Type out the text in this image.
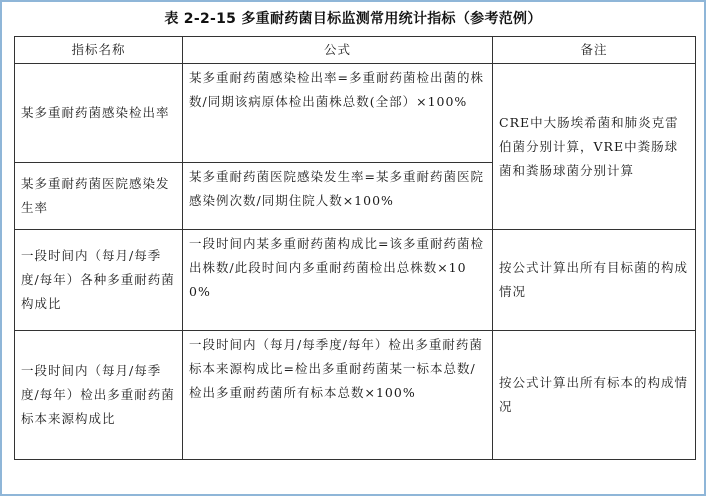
表 2-2-15 多重耐药菌目标监测常用统计指标（参考范例）
指标名称	公式	备注
某多重耐药菌感染检出率	某多重耐药菌感染检出率=多重耐药菌检出菌的株数/同期该病原体检出菌株总数(全部）×100%	CRE中大肠埃希菌和肺炎克雷伯菌分别计算，VRE中粪肠球菌和粪肠球菌分别计算
某多重耐药菌医院感染发生率	某多重耐药菌医院感染发生率=某多重耐药菌医院感染例次数/同期住院人数×100%	
一段时间内（每月/每季度/每年）各种多重耐药菌构成比	一段时间内某多重耐药菌构成比=该多重耐药菌检出株数/此段时间内多重耐药菌检出总株数×100%	按公式计算出所有目标菌的构成情况
一段时间内（每月/每季度/每年）检出多重耐药菌标本来源构成比	一段时间内（每月/每季度/每年）检出多重耐药菌标本来源构成比=检出多重耐药菌某一标本总数/检出多重耐药菌所有标本总数×100%	按公式计算出所有标本的构成情况
